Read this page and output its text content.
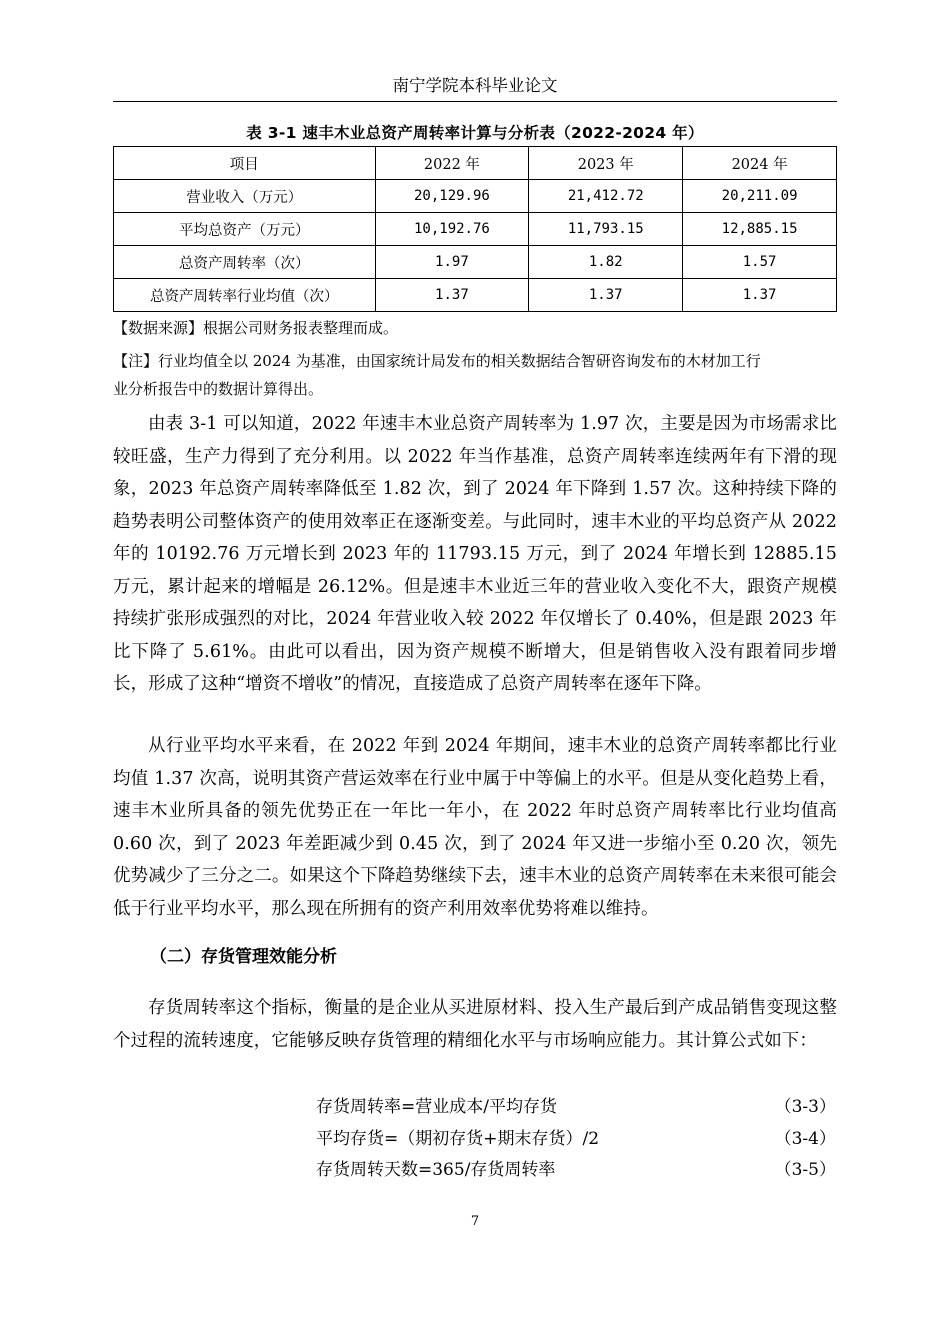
南宁学院本科毕业论文
表 3-1 速丰木业总资产周转率计算与分析表（2022-2024 年）
项目	2022 年	2023 年	2024 年
营业收入（万元）	20,129.96	21,412.72	20,211.09
平均总资产（万元）	10,192.76	11,793.15	12,885.15
总资产周转率（次）	1.97	1.82	1.57
总资产周转率行业均值（次）	1.37	1.37	1.37
【数据来源】根据公司财务报表整理而成。
【注】行业均值全以 2024 为基准，由国家统计局发布的相关数据结合智研咨询发布的木材加工行
业分析报告中的数据计算得出。
由表 3-1 可以知道，2022 年速丰木业总资产周转率为 1.97 次，主要是因为市场需求比较旺盛，生产力得到了充分利用。以 2022 年当作基准，总资产周转率连续两年有下滑的现象，2023 年总资产周转率降低至 1.82 次，到了 2024 年下降到 1.57 次。这种持续下降的趋势表明公司整体资产的使用效率正在逐渐变差。与此同时，速丰木业的平均总资产从 2022 年的 10192.76 万元增长到 2023 年的 11793.15 万元，到了 2024 年增长到 12885.15 万元，累计起来的增幅是 26.12%。但是速丰木业近三年的营业收入变化不大，跟资产规模持续扩张形成强烈的对比，2024 年营业收入较 2022 年仅增长了 0.40%，但是跟 2023 年比下降了 5.61%。由此可以看出，因为资产规模不断增大，但是销售收入没有跟着同步增长，形成了这种“增资不增收”的情况，直接造成了总资产周转率在逐年下降。
从行业平均水平来看，在 2022 年到 2024 年期间，速丰木业的总资产周转率都比行业均值 1.37 次高，说明其资产营运效率在行业中属于中等偏上的水平。但是从变化趋势上看，速丰木业所具备的领先优势正在一年比一年小，在 2022 年时总资产周转率比行业均值高 0.60 次，到了 2023 年差距减少到 0.45 次，到了 2024 年又进一步缩小至 0.20 次，领先优势减少了三分之二。如果这个下降趋势继续下去，速丰木业的总资产周转率在未来很可能会低于行业平均水平，那么现在所拥有的资产利用效率优势将难以维持。
（二）存货管理效能分析
存货周转率这个指标，衡量的是企业从买进原材料、投入生产最后到产成品销售变现这整个过程的流转速度，它能够反映存货管理的精细化水平与市场响应能力。其计算公式如下：
存货周转率=营业成本/平均存货	（3-3）
平均存货=（期初存货+期末存货）/2	（3-4）
存货周转天数=365/存货周转率	（3-5）
7
